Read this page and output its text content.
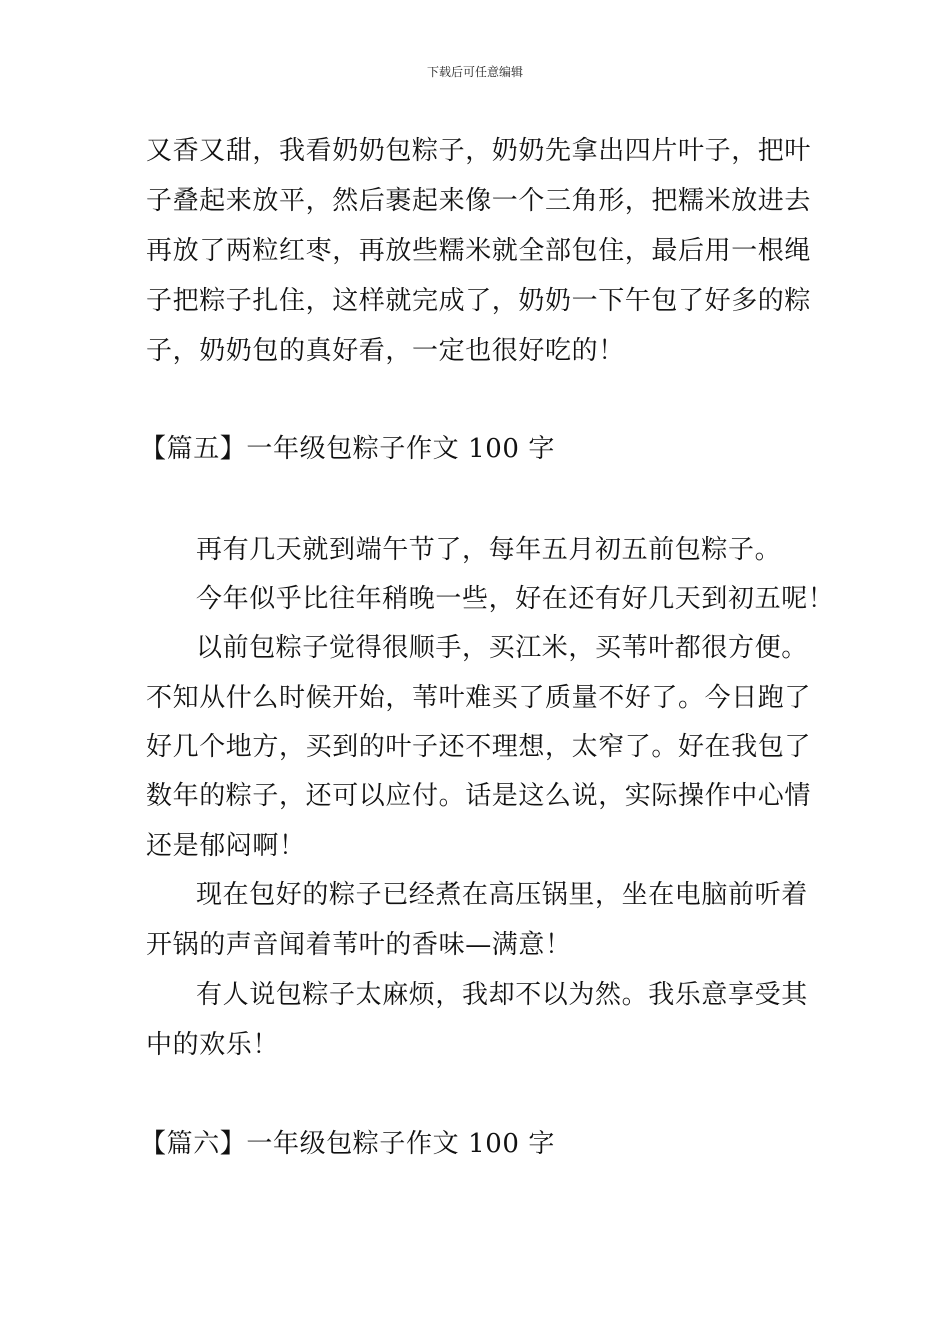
下载后可任意编辑
又香又甜，我看奶奶包粽子，奶奶先拿出四片叶子，把叶
子叠起来放平，然后裹起来像一个三角形，把糯米放进去
再放了两粒红枣，再放些糯米就全部包住，最后用一根绳
子把粽子扎住，这样就完成了，奶奶一下午包了好多的粽
子，奶奶包的真好看，一定也很好吃的！
【篇五】一年级包粽子作文 100 字
再有几天就到端午节了，每年五月初五前包粽子。
今年似乎比往年稍晚一些，好在还有好几天到初五呢！
以前包粽子觉得很顺手，买江米，买苇叶都很方便。
不知从什么时候开始，苇叶难买了质量不好了。今日跑了
好几个地方，买到的叶子还不理想，太窄了。好在我包了
数年的粽子，还可以应付。话是这么说，实际操作中心情
还是郁闷啊！
现在包好的粽子已经煮在高压锅里，坐在电脑前听着
开锅的声音闻着苇叶的香味—满意！
有人说包粽子太麻烦，我却不以为然。我乐意享受其
中的欢乐！
【篇六】一年级包粽子作文 100 字
